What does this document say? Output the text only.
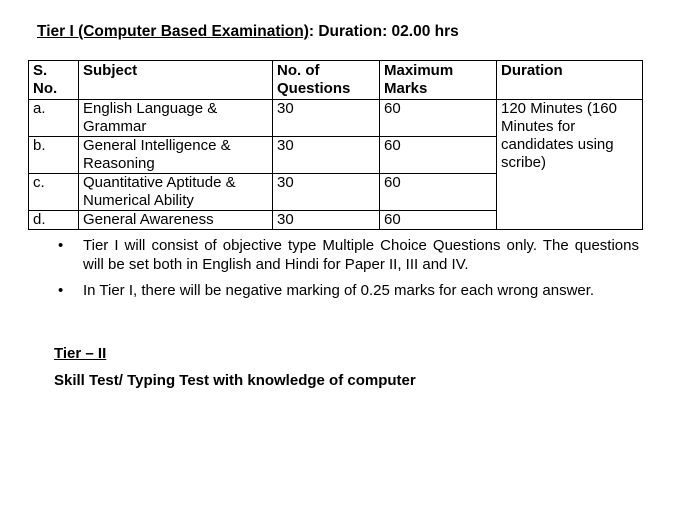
Tier I (Computer Based Examination): Duration: 02.00 hrs
S. No.	Subject	No. of Questions	Maximum Marks	Duration
a.	English Language & Grammar	30	60	120 Minutes (160 Minutes for candidates using scribe)
b.	General Intelligence & Reasoning	30	60	
c.	Quantitative Aptitude & Numerical Ability	30	60	
d.	General Awareness	30	60	
• Tier I will consist of objective type Multiple Choice Questions only. The questions will be set both in English and Hindi for Paper II, III and IV.
• In Tier I, there will be negative marking of 0.25 marks for each wrong answer.
Tier – II
Skill Test/ Typing Test with knowledge of computer
